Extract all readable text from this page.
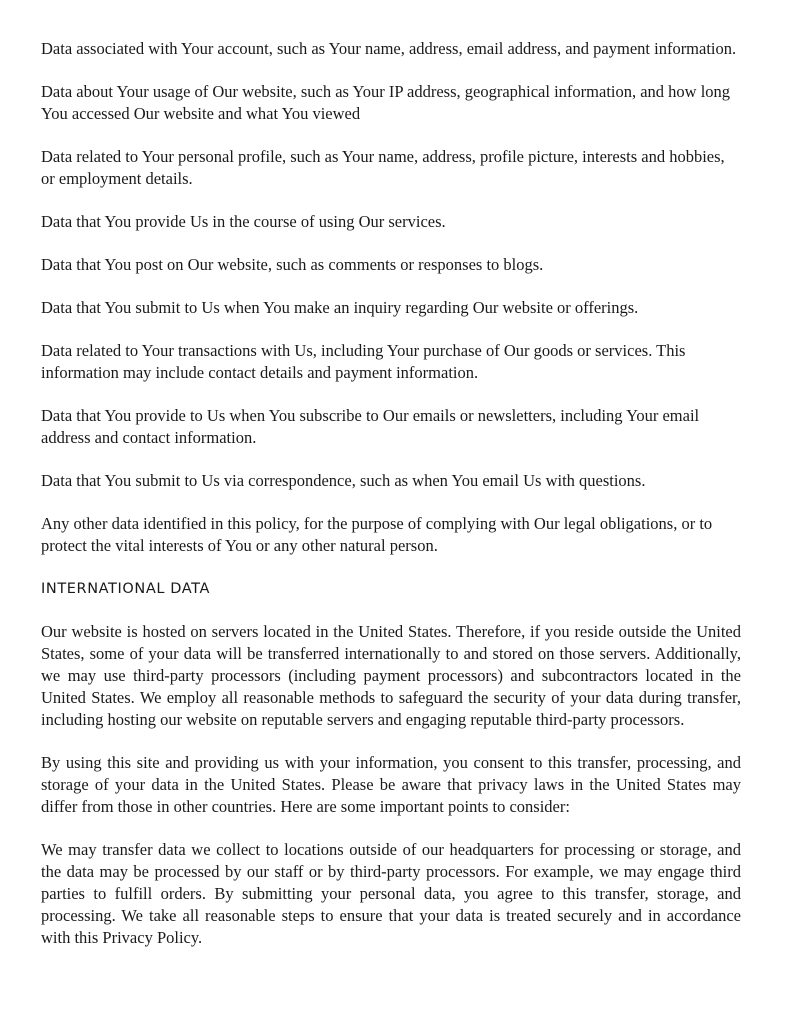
Data associated with Your account, such as Your name, address, email address, and payment information.

Data about Your usage of Our website, such as Your IP address, geographical information, and how long You accessed Our website and what You viewed

Data related to Your personal profile, such as Your name, address, profile picture, interests and hobbies, or employment details.

Data that You provide Us in the course of using Our services.

Data that You post on Our website, such as comments or responses to blogs.

Data that You submit to Us when You make an inquiry regarding Our website or offerings.

Data related to Your transactions with Us, including Your purchase of Our goods or services. This information may include contact details and payment information.

Data that You provide to Us when You subscribe to Our emails or newsletters, including Your email address and contact information.

Data that You submit to Us via correspondence, such as when You email Us with questions.

Any other data identified in this policy, for the purpose of complying with Our legal obligations, or to protect the vital interests of You or any other natural person.

INTERNATIONAL DATA

Our website is hosted on servers located in the United States. Therefore, if you reside outside the United States, some of your data will be transferred internationally to and stored on those servers. Additionally, we may use third-party processors (including payment processors) and subcontractors located in the United States. We employ all reasonable methods to safeguard the security of your data during transfer, including hosting our website on reputable servers and engaging reputable third-party processors.

By using this site and providing us with your information, you consent to this transfer, processing, and storage of your data in the United States. Please be aware that privacy laws in the United States may differ from those in other countries. Here are some important points to consider:

We may transfer data we collect to locations outside of our headquarters for processing or storage, and the data may be processed by our staff or by third-party processors. For example, we may engage third parties to fulfill orders. By submitting your personal data, you agree to this transfer, storage, and processing. We take all reasonable steps to ensure that your data is treated securely and in accordance with this Privacy Policy.
